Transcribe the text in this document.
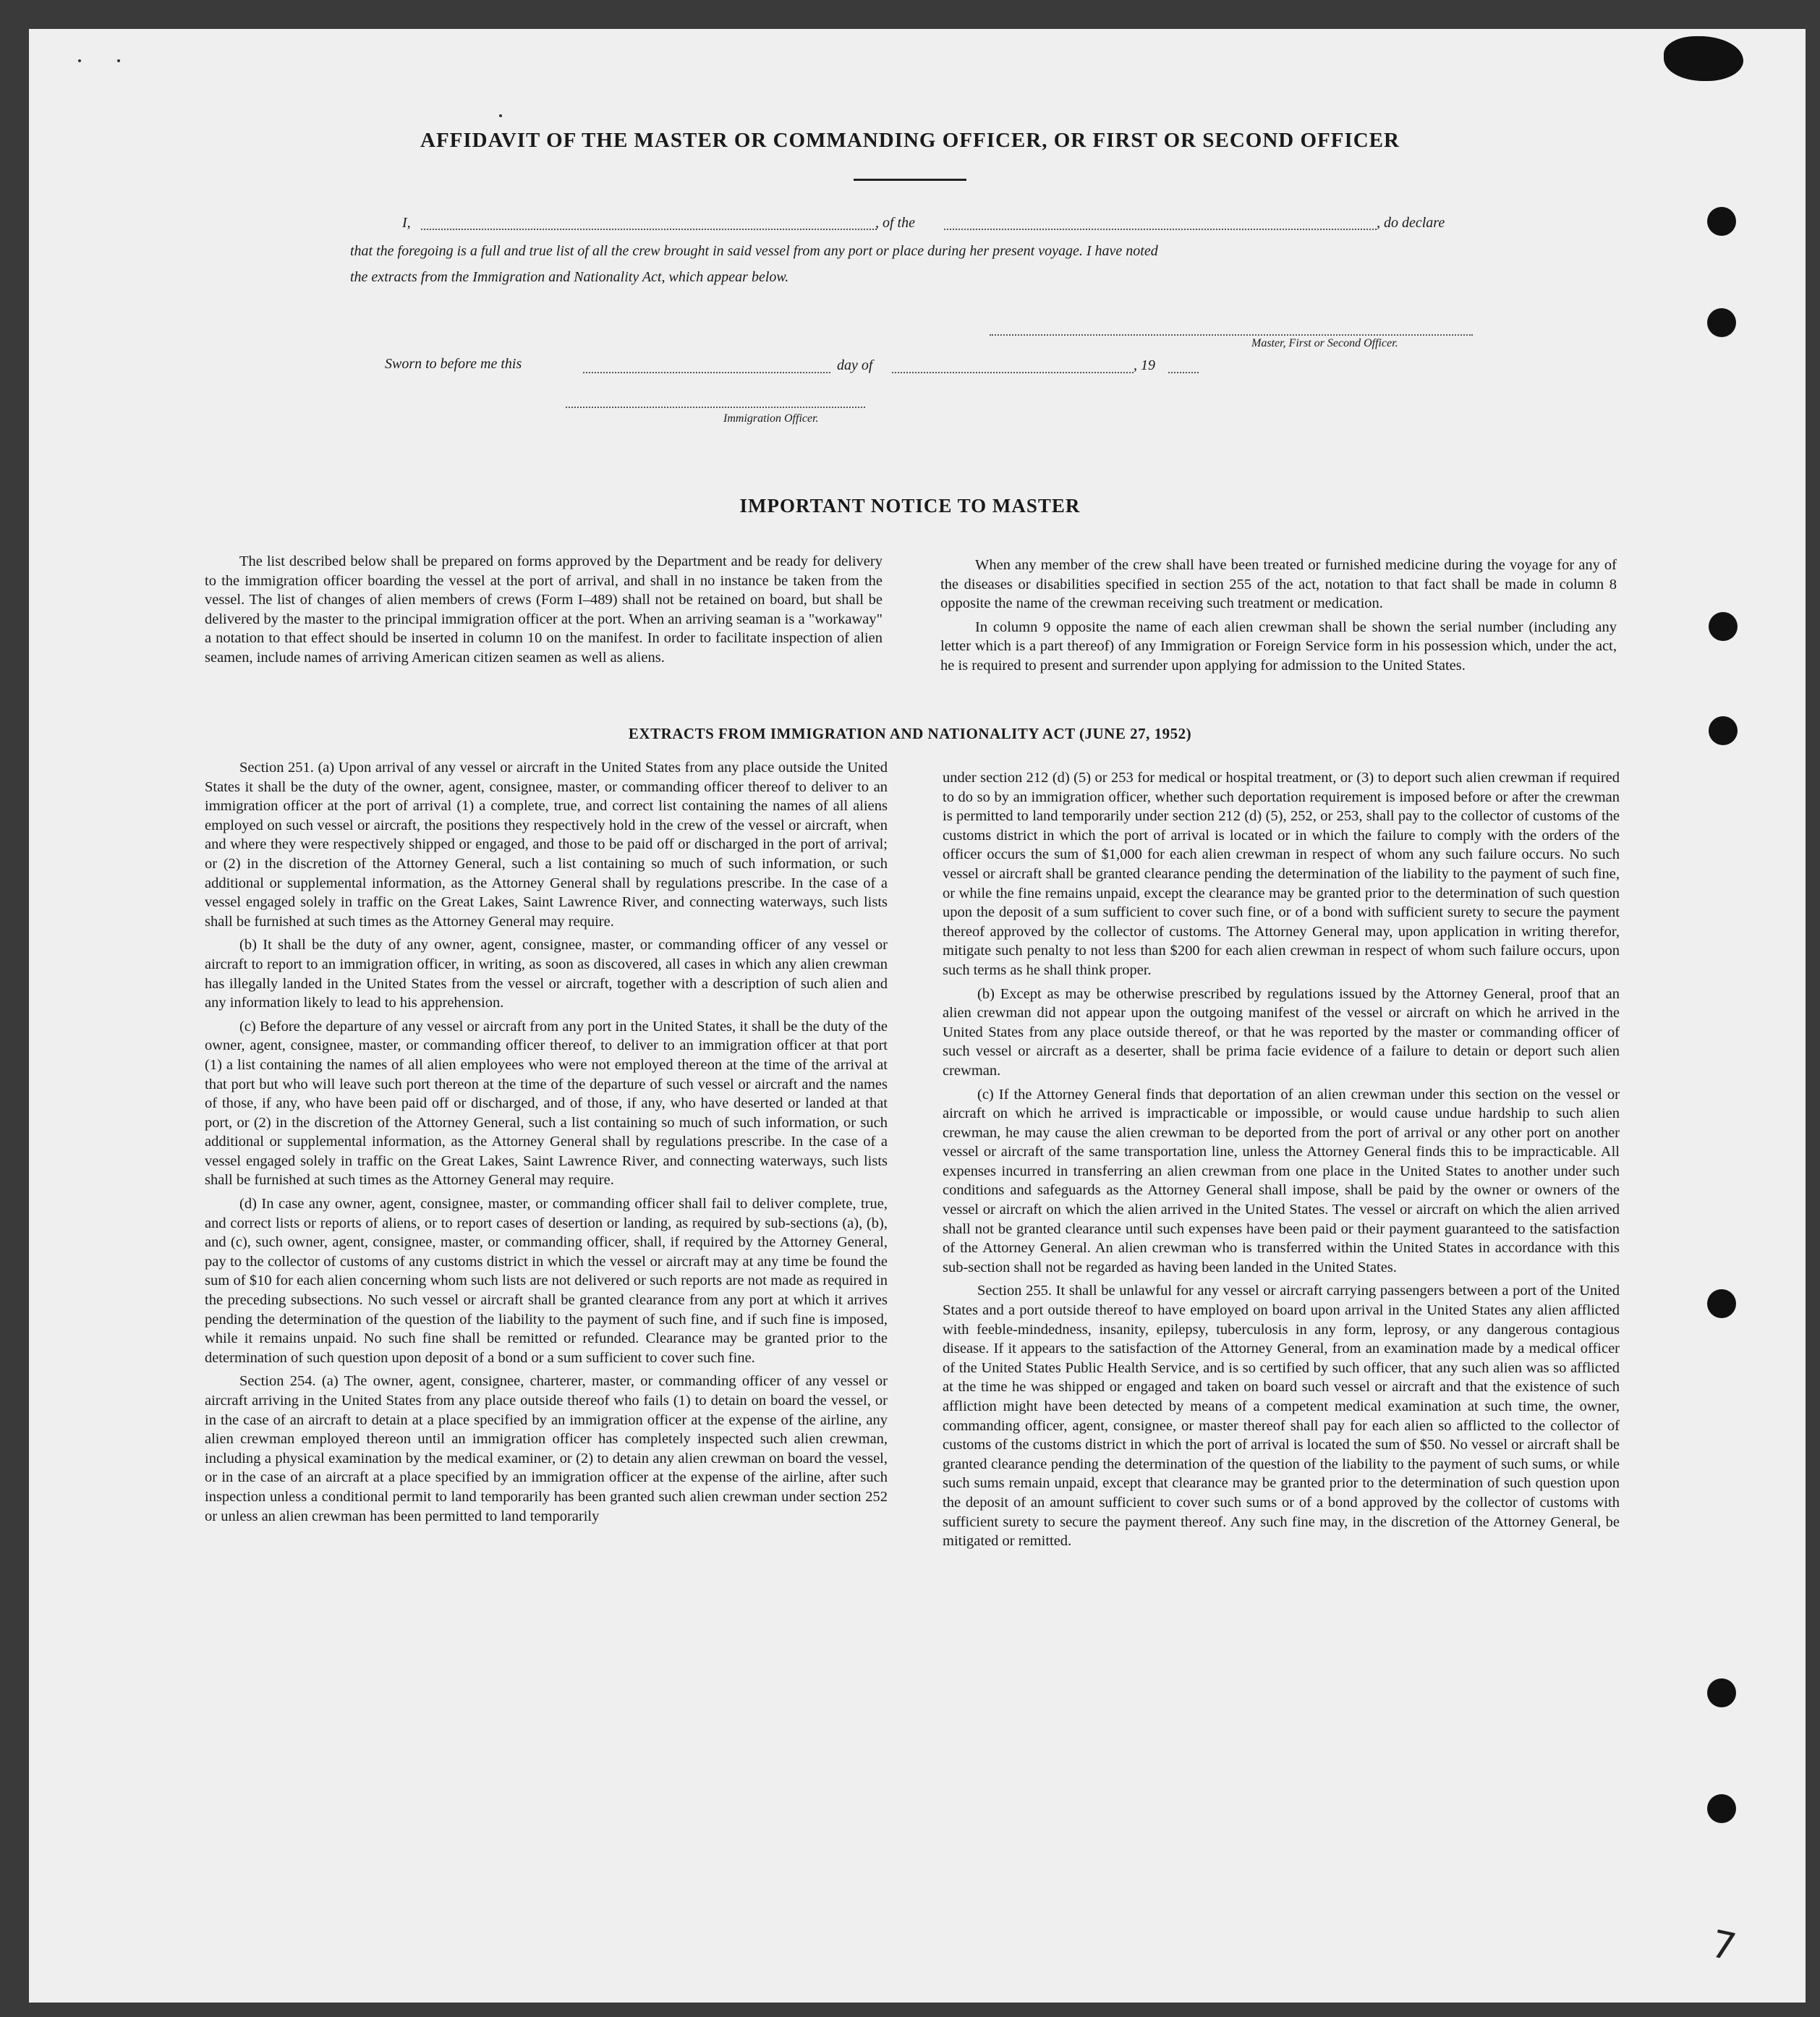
AFFIDAVIT OF THE MASTER OR COMMANDING OFFICER, OR FIRST OR SECOND OFFICER
I,	, of the	, do declare
that the foregoing is a full and true list of all the crew brought in said vessel from any port or place during her present voyage. I have noted
the extracts from the Immigration and Nationality Act, which appear below.
Master, First or Second Officer.
Sworn to before me this	day of	, 19
Immigration Officer.
IMPORTANT NOTICE TO MASTER

The list described below shall be prepared on forms approved by the Department and be ready for delivery to the immigration officer boarding the vessel at the port of arrival, and shall in no instance be taken from the vessel. The list of changes of alien members of crews (Form I–489) shall not be retained on board, but shall be delivered by the master to the principal immigration officer at the port. When an arriving seaman is a "workaway" a notation to that effect should be inserted in column 10 on the manifest. In order to facilitate inspection of alien seamen, include names of arriving American citizen seamen as well as aliens.

When any member of the crew shall have been treated or furnished medicine during the voyage for any of the diseases or disabilities specified in section 255 of the act, notation to that fact shall be made in column 8 opposite the name of the crewman receiving such treatment or medication.

In column 9 opposite the name of each alien crewman shall be shown the serial number (including any letter which is a part thereof) of any Immigration or Foreign Service form in his possession which, under the act, he is required to present and surrender upon applying for admission to the United States.

EXTRACTS FROM IMMIGRATION AND NATIONALITY ACT (JUNE 27, 1952)

Section 251. (a) Upon arrival of any vessel or aircraft in the United States from any place outside the United States it shall be the duty of the owner, agent, consignee, master, or commanding officer thereof to deliver to an immigration officer at the port of arrival (1) a complete, true, and correct list containing the names of all aliens employed on such vessel or aircraft, the positions they respectively hold in the crew of the vessel or aircraft, when and where they were respectively shipped or engaged, and those to be paid off or discharged in the port of arrival; or (2) in the discretion of the Attorney General, such a list containing so much of such information, or such additional or supplemental information, as the Attorney General shall by regulations prescribe. In the case of a vessel engaged solely in traffic on the Great Lakes, Saint Lawrence River, and connecting waterways, such lists shall be furnished at such times as the Attorney General may require.

(b) It shall be the duty of any owner, agent, consignee, master, or commanding officer of any vessel or aircraft to report to an immigration officer, in writing, as soon as discovered, all cases in which any alien crewman has illegally landed in the United States from the vessel or aircraft, together with a description of such alien and any information likely to lead to his apprehension.

(c) Before the departure of any vessel or aircraft from any port in the United States, it shall be the duty of the owner, agent, consignee, master, or commanding officer thereof, to deliver to an immigration officer at that port (1) a list containing the names of all alien employees who were not employed thereon at the time of the arrival at that port but who will leave such port thereon at the time of the departure of such vessel or aircraft and the names of those, if any, who have been paid off or discharged, and of those, if any, who have deserted or landed at that port, or (2) in the discretion of the Attorney General, such a list containing so much of such information, or such additional or supplemental information, as the Attorney General shall by regulations prescribe. In the case of a vessel engaged solely in traffic on the Great Lakes, Saint Lawrence River, and connecting waterways, such lists shall be furnished at such times as the Attorney General may require.

(d) In case any owner, agent, consignee, master, or commanding officer shall fail to deliver complete, true, and correct lists or reports of aliens, or to report cases of desertion or landing, as required by sub-sections (a), (b), and (c), such owner, agent, consignee, master, or commanding officer, shall, if required by the Attorney General, pay to the collector of customs of any customs district in which the vessel or aircraft may at any time be found the sum of $10 for each alien concerning whom such lists are not delivered or such reports are not made as required in the preceding subsections. No such vessel or aircraft shall be granted clearance from any port at which it arrives pending the determination of the question of the liability to the payment of such fine, and if such fine is imposed, while it remains unpaid. No such fine shall be remitted or refunded. Clearance may be granted prior to the determination of such question upon deposit of a bond or a sum sufficient to cover such fine.

Section 254. (a) The owner, agent, consignee, charterer, master, or commanding officer of any vessel or aircraft arriving in the United States from any place outside thereof who fails (1) to detain on board the vessel, or in the case of an aircraft to detain at a place specified by an immigration officer at the expense of the airline, any alien crewman employed thereon until an immigration officer has completely inspected such alien crewman, including a physical examination by the medical examiner, or (2) to detain any alien crewman on board the vessel, or in the case of an aircraft at a place specified by an immigration officer at the expense of the airline, after such inspection unless a conditional permit to land temporarily has been granted such alien crewman under section 252 or unless an alien crewman has been permitted to land temporarily

under section 212 (d) (5) or 253 for medical or hospital treatment, or (3) to deport such alien crewman if required to do so by an immigration officer, whether such deportation requirement is imposed before or after the crewman is permitted to land temporarily under section 212 (d) (5), 252, or 253, shall pay to the collector of customs of the customs district in which the port of arrival is located or in which the failure to comply with the orders of the officer occurs the sum of $1,000 for each alien crewman in respect of whom any such failure occurs. No such vessel or aircraft shall be granted clearance pending the determination of the liability to the payment of such fine, or while the fine remains unpaid, except the clearance may be granted prior to the determination of such question upon the deposit of a sum sufficient to cover such fine, or of a bond with sufficient surety to secure the payment thereof approved by the collector of customs. The Attorney General may, upon application in writing therefor, mitigate such penalty to not less than $200 for each alien crewman in respect of whom such failure occurs, upon such terms as he shall think proper.

(b) Except as may be otherwise prescribed by regulations issued by the Attorney General, proof that an alien crewman did not appear upon the outgoing manifest of the vessel or aircraft on which he arrived in the United States from any place outside thereof, or that he was reported by the master or commanding officer of such vessel or aircraft as a deserter, shall be prima facie evidence of a failure to detain or deport such alien crewman.

(c) If the Attorney General finds that deportation of an alien crewman under this section on the vessel or aircraft on which he arrived is impracticable or impossible, or would cause undue hardship to such alien crewman, he may cause the alien crewman to be deported from the port of arrival or any other port on another vessel or aircraft of the same transportation line, unless the Attorney General finds this to be impracticable. All expenses incurred in transferring an alien crewman from one place in the United States to another under such conditions and safeguards as the Attorney General shall impose, shall be paid by the owner or owners of the vessel or aircraft on which the alien arrived in the United States. The vessel or aircraft on which the alien arrived shall not be granted clearance until such expenses have been paid or their payment guaranteed to the satisfaction of the Attorney General. An alien crewman who is transferred within the United States in accordance with this sub-section shall not be regarded as having been landed in the United States.

Section 255. It shall be unlawful for any vessel or aircraft carrying passengers between a port of the United States and a port outside thereof to have employed on board upon arrival in the United States any alien afflicted with feeble-mindedness, insanity, epilepsy, tuberculosis in any form, leprosy, or any dangerous contagious disease. If it appears to the satisfaction of the Attorney General, from an examination made by a medical officer of the United States Public Health Service, and is so certified by such officer, that any such alien was so afflicted at the time he was shipped or engaged and taken on board such vessel or aircraft and that the existence of such affliction might have been detected by means of a competent medical examination at such time, the owner, commanding officer, agent, consignee, or master thereof shall pay for each alien so afflicted to the collector of customs of the customs district in which the port of arrival is located the sum of $50. No vessel or aircraft shall be granted clearance pending the determination of the question of the liability to the payment of such sums, or while such sums remain unpaid, except that clearance may be granted prior to the determination of such question upon the deposit of an amount sufficient to cover such sums or of a bond approved by the collector of customs with sufficient surety to secure the payment thereof. Any such fine may, in the discretion of the Attorney General, be mitigated or remitted.

7
